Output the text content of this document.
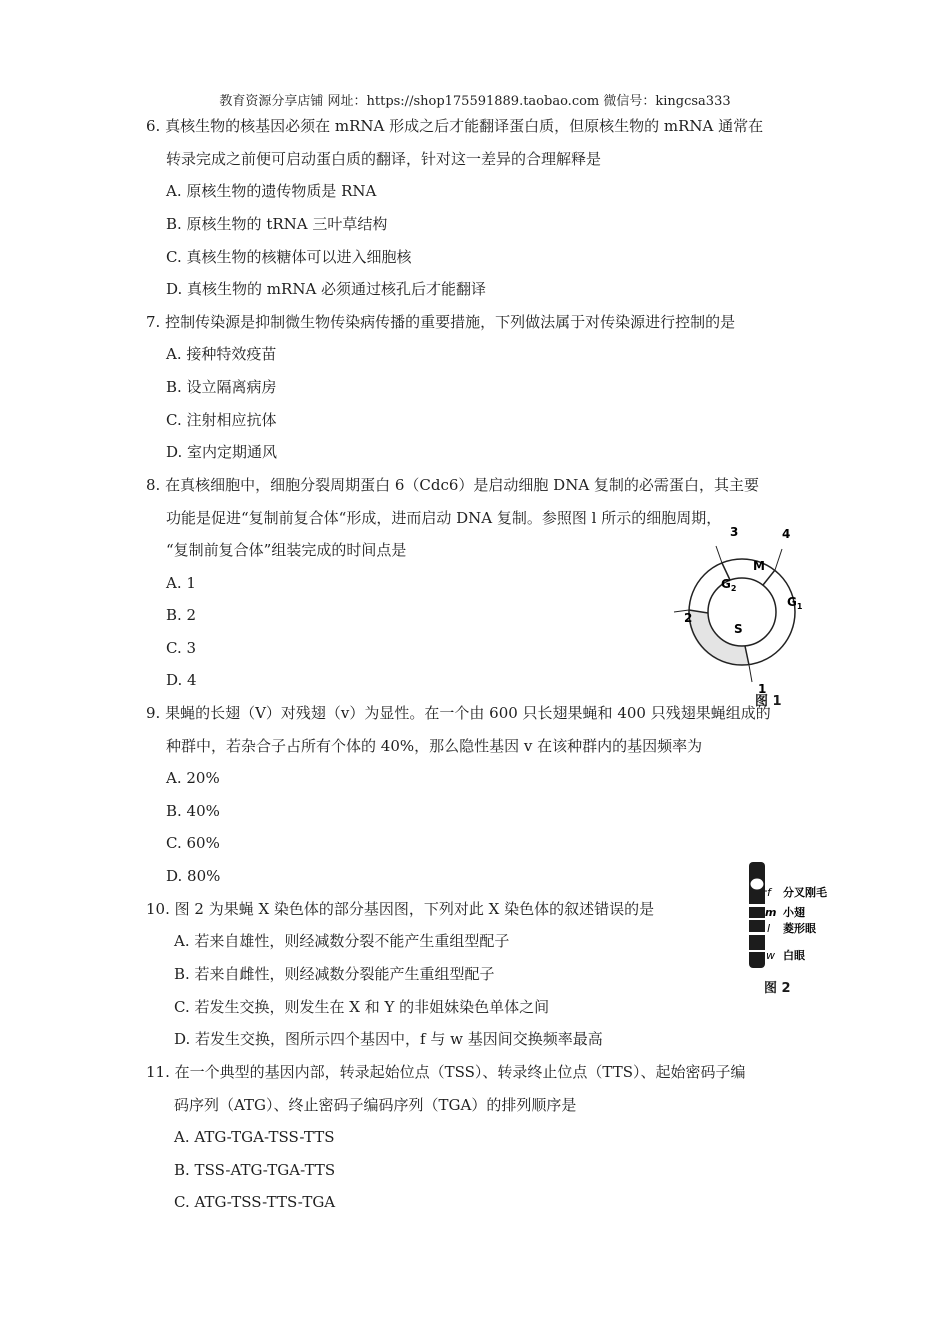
教育资源分享店铺 网址：https://shop175591889.taobao.com 微信号：kingcsa333
6. 真核生物的核基因必须在 mRNA 形成之后才能翻译蛋白质，但原核生物的 mRNA 通常在
转录完成之前便可启动蛋白质的翻译，针对这一差异的合理解释是
A. 原核生物的遗传物质是 RNA
B. 原核生物的 tRNA 三叶草结构
C. 真核生物的核糖体可以进入细胞核
D. 真核生物的 mRNA 必须通过核孔后才能翻译
7. 控制传染源是抑制微生物传染病传播的重要措施，下列做法属于对传染源进行控制的是
A. 接种特效疫苗
B. 设立隔离病房
C. 注射相应抗体
D. 室内定期通风
8. 在真核细胞中，细胞分裂周期蛋白 6（Cdc6）是启动细胞 DNA 复制的必需蛋白，其主要
功能是促进“复制前复合体“形成，进而启动 DNA 复制。参照图 l 所示的细胞周期，
“复制前复合体”组装完成的时间点是
A. 1
B. 2
C. 3
D. 4
M
$G_1$
$G_2$
S
1
2
3	4
图 1
9. 果蝇的长翅（V）对残翅（v）为显性。在一个由 600 只长翅果蝇和 400 只残翅果蝇组成的
种群中，若杂合子占所有个体的 40%，那么隐性基因 v 在该种群内的基因频率为
A. 20%
B. 40%
C. 60%
D. 80%
f 分叉刚毛
m 小翅
l 菱形眼
w 白眼
图 2
10. 图 2 为果蝇 X 染色体的部分基因图，下列对此 X 染色体的叙述错误的是
A. 若来自雄性，则经减数分裂不能产生重组型配子
B. 若来自雌性，则经减数分裂能产生重组型配子
C. 若发生交换，则发生在 X 和 Y 的非姐妹染色单体之间
D. 若发生交换，图所示四个基因中，f 与 w 基因间交换频率最高
11. 在一个典型的基因内部，转录起始位点（TSS）、转录终止位点（TTS）、起始密码子编
码序列（ATG）、终止密码子编码序列（TGA）的排列顺序是
A. ATG-TGA-TSS-TTS
B. TSS-ATG-TGA-TTS
C. ATG-TSS-TTS-TGA
